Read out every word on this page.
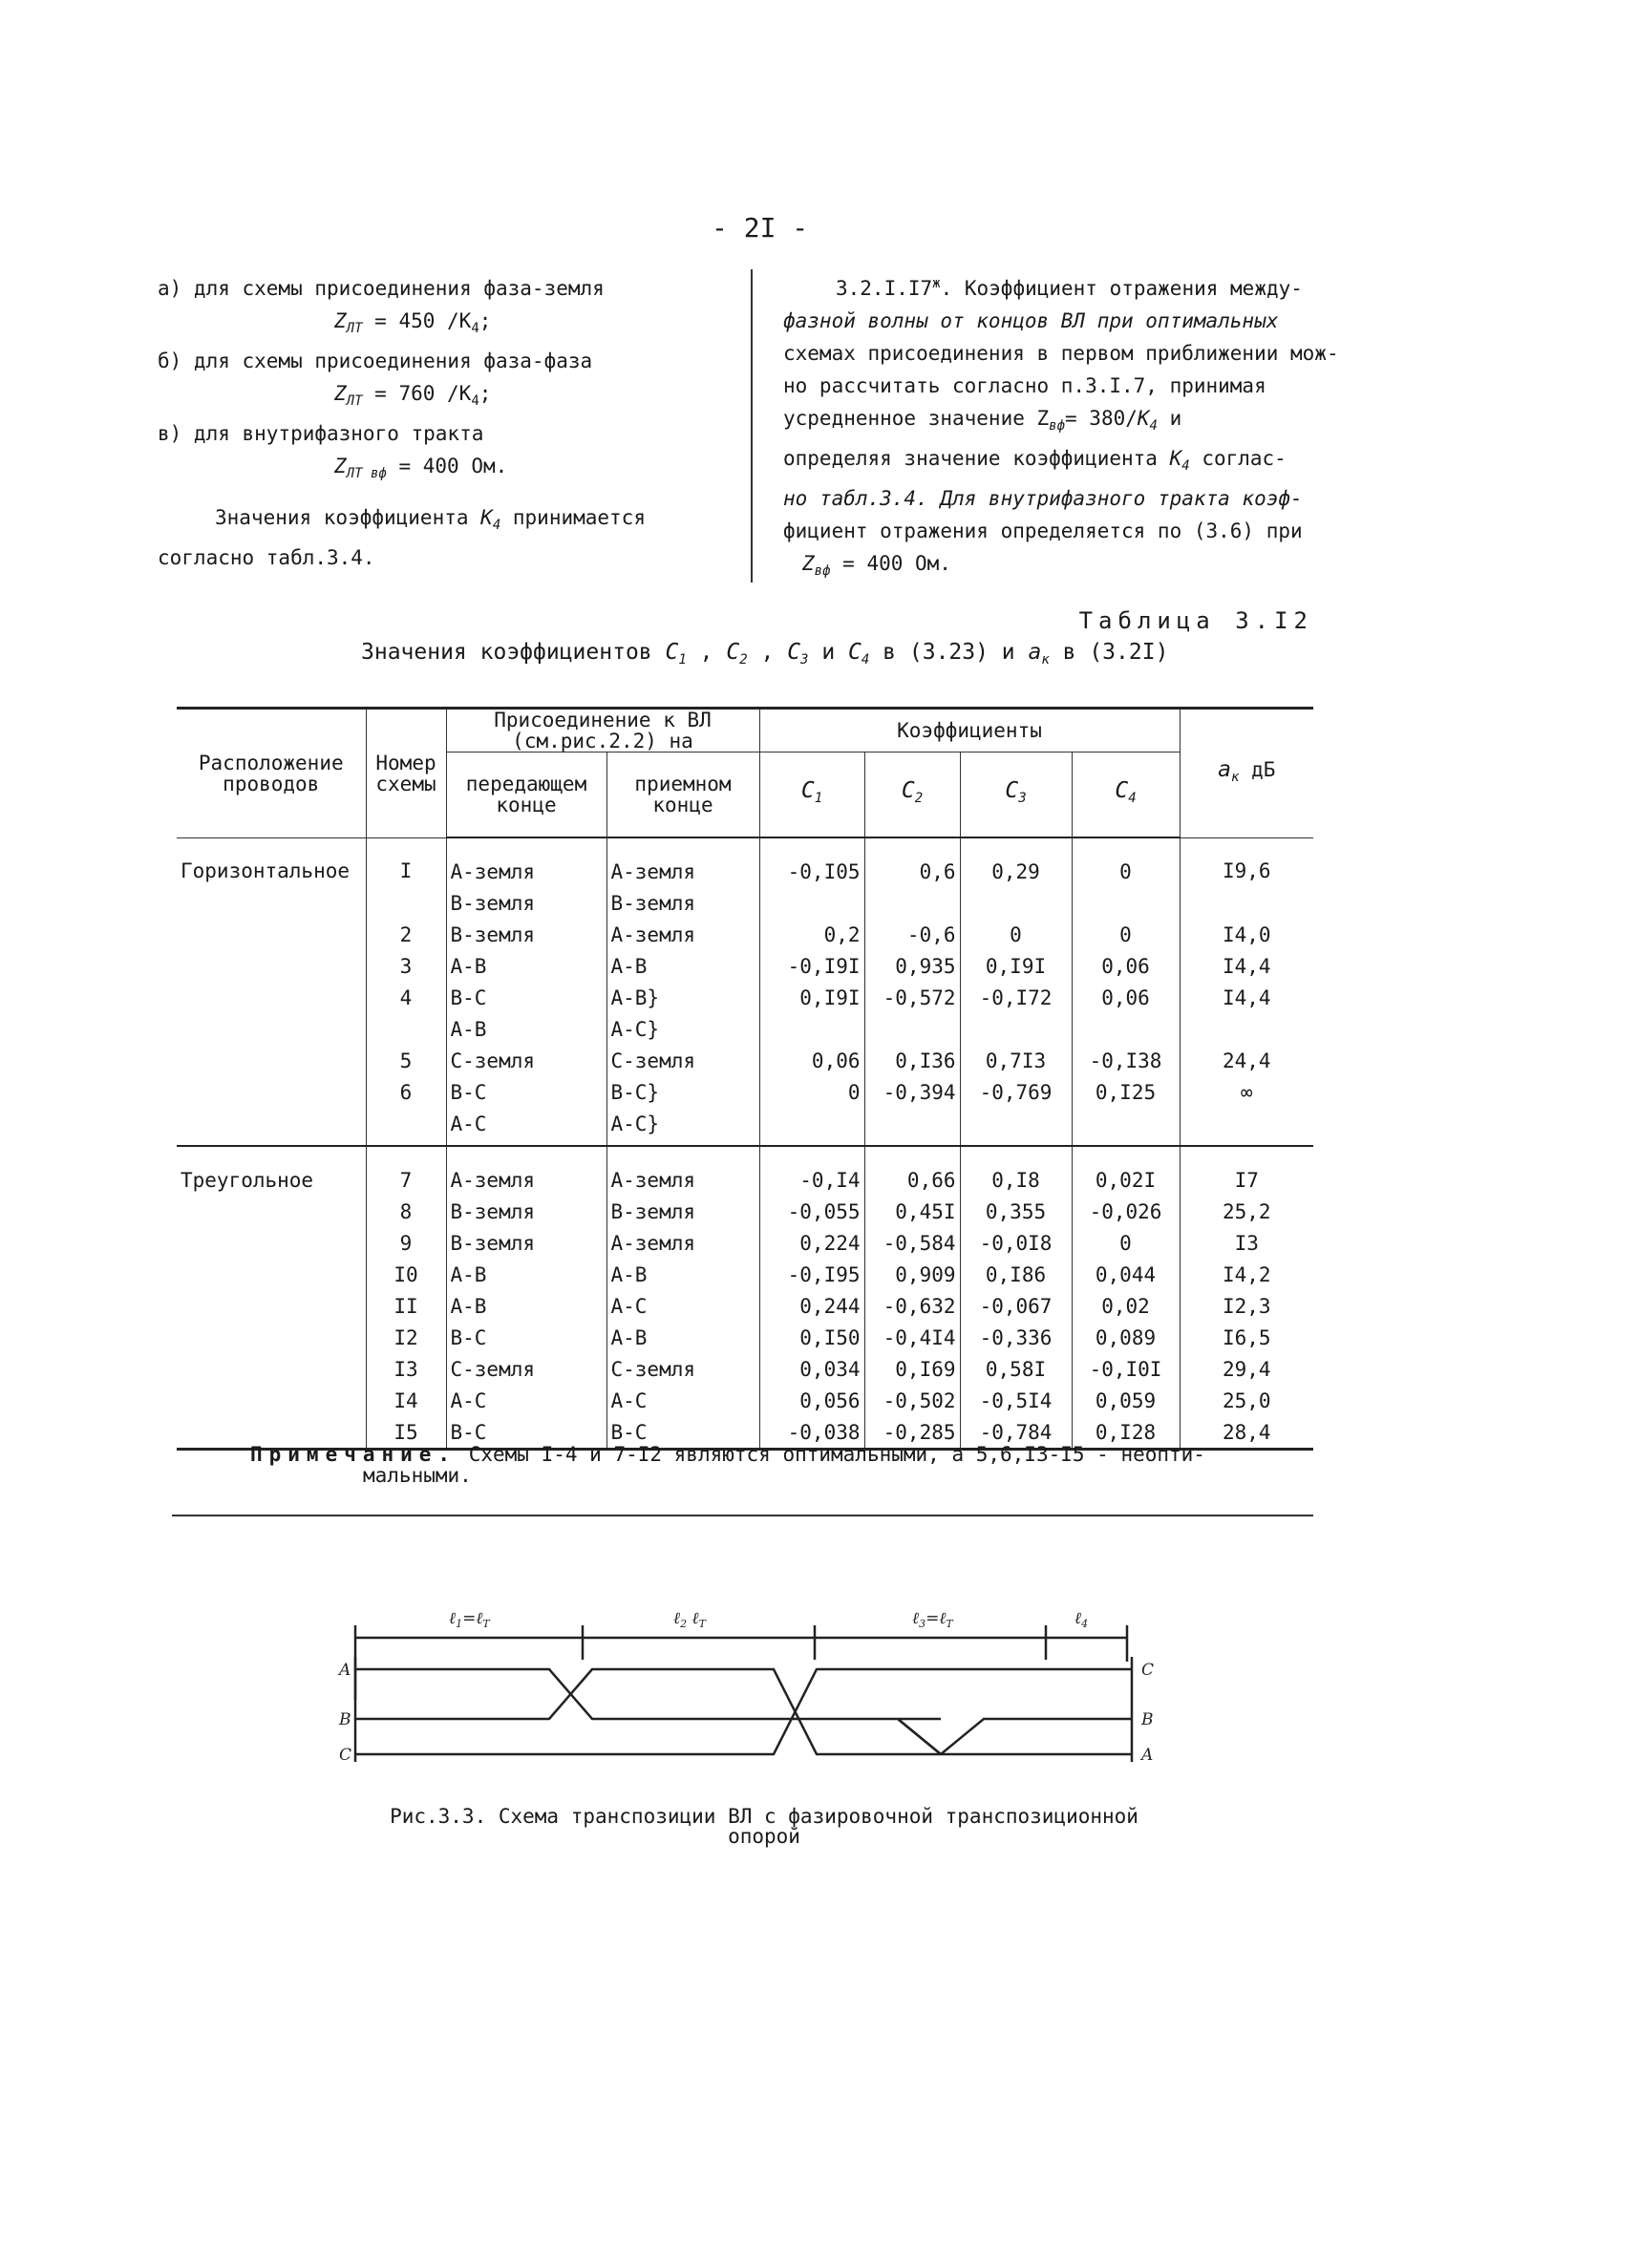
- 2I -
а) для схемы присоединения фаза-земля
$Z_{ЛТ} = 450$ $/K_4$;
б) для схемы присоединения фаза-фаза
$Z_{ЛТ} = 760$ $/K_4$;
в) для внутрифазного тракта
$Z_{ЛТ вф} = 400$ Ом.
Значения коэффициента $K_4$ принимается
согласно табл.3.4.
$3.2.I.I7^ж$. Коэффициент отражения между-
фазной волны от концов ВЛ при оптимальных
схемах присоединения в первом приближении мож-
но рассчитать согласно п.3.I.7, принимая
усредненное значение $Z_{вф}= 380/K_4$ и
определяя значение коэффициента $K_4$ соглас-
но табл.3.4. Для внутрифазного тракта коэф-
фициент отражения определяется по (3.6) при
$Z_{вф} = 400$ Ом.
Таблица 3.I2
Значения коэффициентов $C_1$ , $C_2$ , $C_3$ и $C_4$ в (3.23) и $a_к$ в (3.2I)
Расположение проводов	Номер схемы	Присоединение к ВЛ (см.рис.2.2) на		Коэффициенты				$a_к$ дБ
		передающем конце	приемном конце	$C_1$	$C_2$	$C_3$	$C_4$
Горизонтальное	I	А-земля	А-земля	-0,I05	0,6	0,29	0	I9,6
		В-земля	В-земля					
	2	В-земля	А-земля	0,2	-0,6	0	0	I4,0
	3	А-В	А-В	-0,I9I	0,935	0,I9I	0,06	I4,4
	4	В-С	А-В}	0,I9I	-0,572	-0,I72	0,06	I4,4
		А-В	А-С}					
	5	С-земля	С-земля	0,06	0,I36	0,7I3	-0,I38	24,4
	6	В-С	В-С}	0	-0,394	-0,769	0,I25	∞
		А-С	А-С}					
Треугольное	7	А-земля	А-земля	-0,I4	0,66	0,I8	0,02I	I7
	8	В-земля	В-земля	-0,055	0,45I	0,355	-0,026	25,2
	9	В-земля	А-земля	0,224	-0,584	-0,0I8	0	I3
	I0	А-В	А-В	-0,I95	0,909	0,I86	0,044	I4,2
	II	А-В	А-С	0,244	-0,632	-0,067	0,02	I2,3
	I2	В-С	А-В	0,I50	-0,4I4	-0,336	0,089	I6,5
	I3	С-земля	С-земля	0,034	0,I69	0,58I	-0,I0I	29,4
	I4	А-С	А-С	0,056	-0,502	-0,5I4	0,059	25,0
	I5	В-С	В-С	-0,038	-0,285	-0,784	0,I28	28,4
Примечание. Схемы I-4 и 7-I2 являются оптимальными, а 5,6,I3-I5 - неопти-
мальными.
ℓ$_1$=ℓ$_Т$	ℓ$_2$ ℓ$_Т$	ℓ$_3$=ℓ$_Т$	ℓ$_4$
A
B
C
C
B
A
Рис.3.3. Схема транспозиции ВЛ с фазировочной транспозиционной
опорой
